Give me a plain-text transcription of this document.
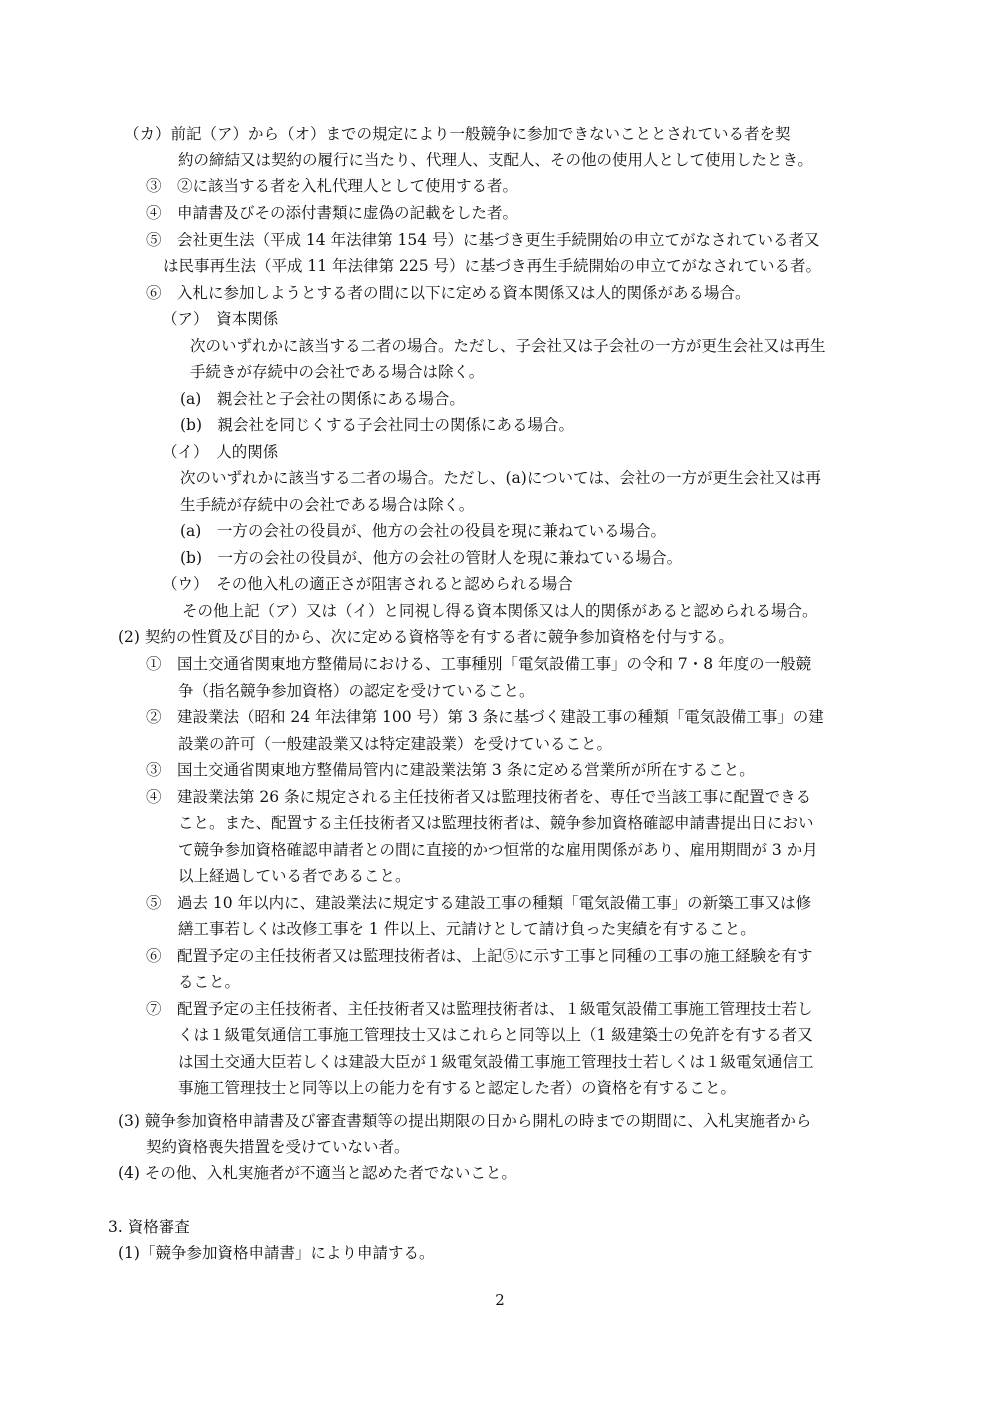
（カ）前記（ア）から（オ）までの規定により一般競争に参加できないこととされている者を契
約の締結又は契約の履行に当たり、代理人、支配人、その他の使用人として使用したとき。
③　②に該当する者を入札代理人として使用する者。
④　申請書及びその添付書類に虚偽の記載をした者。
⑤　会社更生法（平成 14 年法律第 154 号）に基づき更生手続開始の申立てがなされている者又
は民事再生法（平成 11 年法律第 225 号）に基づき再生手続開始の申立てがなされている者。
⑥　入札に参加しようとする者の間に以下に定める資本関係又は人的関係がある場合。
（ア）　資本関係
次のいずれかに該当する二者の場合。ただし、子会社又は子会社の一方が更生会社又は再生
手続きが存続中の会社である場合は除く。
(a)　親会社と子会社の関係にある場合。
(b)　親会社を同じくする子会社同士の関係にある場合。
（イ）　人的関係
次のいずれかに該当する二者の場合。ただし、(a)については、会社の一方が更生会社又は再
生手続が存続中の会社である場合は除く。
(a)　一方の会社の役員が、他方の会社の役員を現に兼ねている場合。
(b)　一方の会社の役員が、他方の会社の管財人を現に兼ねている場合。
（ウ）　その他入札の適正さが阻害されると認められる場合
その他上記（ア）又は（イ）と同視し得る資本関係又は人的関係があると認められる場合。
(2) 契約の性質及び目的から、次に定める資格等を有する者に競争参加資格を付与する。
①　国土交通省関東地方整備局における、工事種別「電気設備工事」の令和 7・8 年度の一般競
争（指名競争参加資格）の認定を受けていること。
②　建設業法（昭和 24 年法律第 100 号）第 3 条に基づく建設工事の種類「電気設備工事」の建
設業の許可（一般建設業又は特定建設業）を受けていること。
③　国土交通省関東地方整備局管内に建設業法第 3 条に定める営業所が所在すること。
④　建設業法第 26 条に規定される主任技術者又は監理技術者を、専任で当該工事に配置できる
こと。また、配置する主任技術者又は監理技術者は、競争参加資格確認申請書提出日におい
て競争参加資格確認申請者との間に直接的かつ恒常的な雇用関係があり、雇用期間が 3 か月
以上経過している者であること。
⑤　過去 10 年以内に、建設業法に規定する建設工事の種類「電気設備工事」の新築工事又は修
繕工事若しくは改修工事を 1 件以上、元請けとして請け負った実績を有すること。
⑥　配置予定の主任技術者又は監理技術者は、上記⑤に示す工事と同種の工事の施工経験を有す
ること。
⑦　配置予定の主任技術者、主任技術者又は監理技術者は、１級電気設備工事施工管理技士若し
くは１級電気通信工事施工管理技士又はこれらと同等以上（1 級建築士の免許を有する者又
は国土交通大臣若しくは建設大臣が１級電気設備工事施工管理技士若しくは１級電気通信工
事施工管理技士と同等以上の能力を有すると認定した者）の資格を有すること。
(3) 競争参加資格申請書及び審査書類等の提出期限の日から開札の時までの期間に、入札実施者から
契約資格喪失措置を受けていない者。
(4) その他、入札実施者が不適当と認めた者でないこと。
3. 資格審査
(1)「競争参加資格申請書」により申請する。
2
